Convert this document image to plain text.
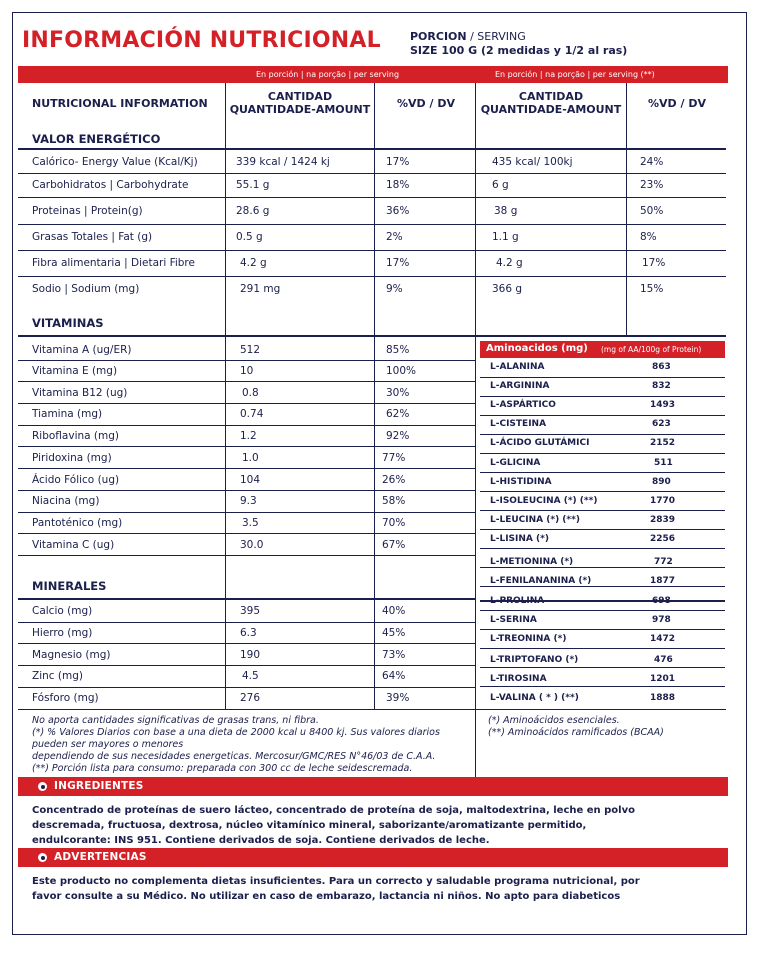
INFORMACIÓN NUTRICIONAL	PORCION / SERVING
SIZE 100 G (2 medidas y 1/2 al ras)
En porción | na porção | per serving	En porción | na porção | per serving (**)
NUTRICIONAL INFORMATION
CANTIDAD
QUANTIDADE-AMOUNT	%VD / DV
CANTIDAD
QUANTIDADE-AMOUNT	%VD / DV
VALOR ENERGÉTICO
VITAMINAS
MINERALES
Calórico- Energy Value (Kcal/Kj)	339 kcal / 1424 kj	17%	435 kcal/ 100kj	24%
Carbohidratos | Carbohydrate	55.1 g	18%	6 g	23%
Proteinas | Protein(g)	28.6 g	36%	38 g	50%
Grasas Totales | Fat (g)	0.5 g	2%	1.1 g	8%
Fibra alimentaria | Dietari Fibre	4.2 g	17%	4.2 g	17%
Sodio | Sodium (mg)	291 mg	9%	366 g	15%
Vitamina A (ug/ER)	512	85%
Vitamina E (mg)	10	100%
Vitamina B12 (ug)	0.8	30%
Tiamina (mg)	0.74	62%
Riboflavina (mg)	1.2	92%
Piridoxina (mg)	1.0	77%
Ácido Fólico (ug)	104	26%
Niacina (mg)	9.3	58%
Pantoténico (mg)	3.5	70%
Vitamina C (ug)	30.0	67%
Calcio (mg)	395	40%
Hierro (mg)	6.3	45%
Magnesio (mg)	190	73%
Zinc (mg)	4.5	64%
Fósforo (mg)	276	39%
Aminoacidos (mg) (mg of AA/100g of Protein)
L-ALANINA	863
L-ARGININA	832
L-ASPÁRTICO	1493
L-CISTEINA	623
L-ÁCIDO GLUTÁMICI	2152
L-GLICINA	511
L-HISTIDINA	890
L-ISOLEUCINA (*) (**)	1770
L-LEUCINA (*) (**)	2839
L-LISINA (*)	2256
L-METIONINA (*)	772
L-FENILANANINA (*)	1877
L-PROLINA	698
L-SERINA	978
L-TREONINA (*)	1472
L-TRIPTOFANO (*)	476
L-TIROSINA	1201
L-VALINA ( * ) (**)	1888
No aporta cantidades significativas de grasas trans, ni fibra.
(*) % Valores Diarios con base a una dieta de 2000 kcal u 8400 kj. Sus valores diarios
pueden ser mayores o menores
dependiendo de sus necesidades energeticas. Mercosur/GMC/RES N°46/03 de C.A.A.
(**) Porción lista para consumo: preparada con 300 cc de leche seidescremada.
(*) Aminoácidos esenciales.
(**) Aminoácidos ramificados (BCAA)
INGREDIENTES
Concentrado de proteínas de suero lácteo, concentrado de proteína de soja, maltodextrina, leche en polvo
descremada, fructuosa, dextrosa, núcleo vitamínico mineral, saborizante/aromatizante permitido,
endulcorante: INS 951. Contiene derivados de soja. Contiene derivados de leche.
ADVERTENCIAS
Este producto no complementa dietas insuficientes. Para un correcto y saludable programa nutricional, por
favor consulte a su Médico. No utilizar en caso de embarazo, lactancia ni niños. No apto para diabeticos
